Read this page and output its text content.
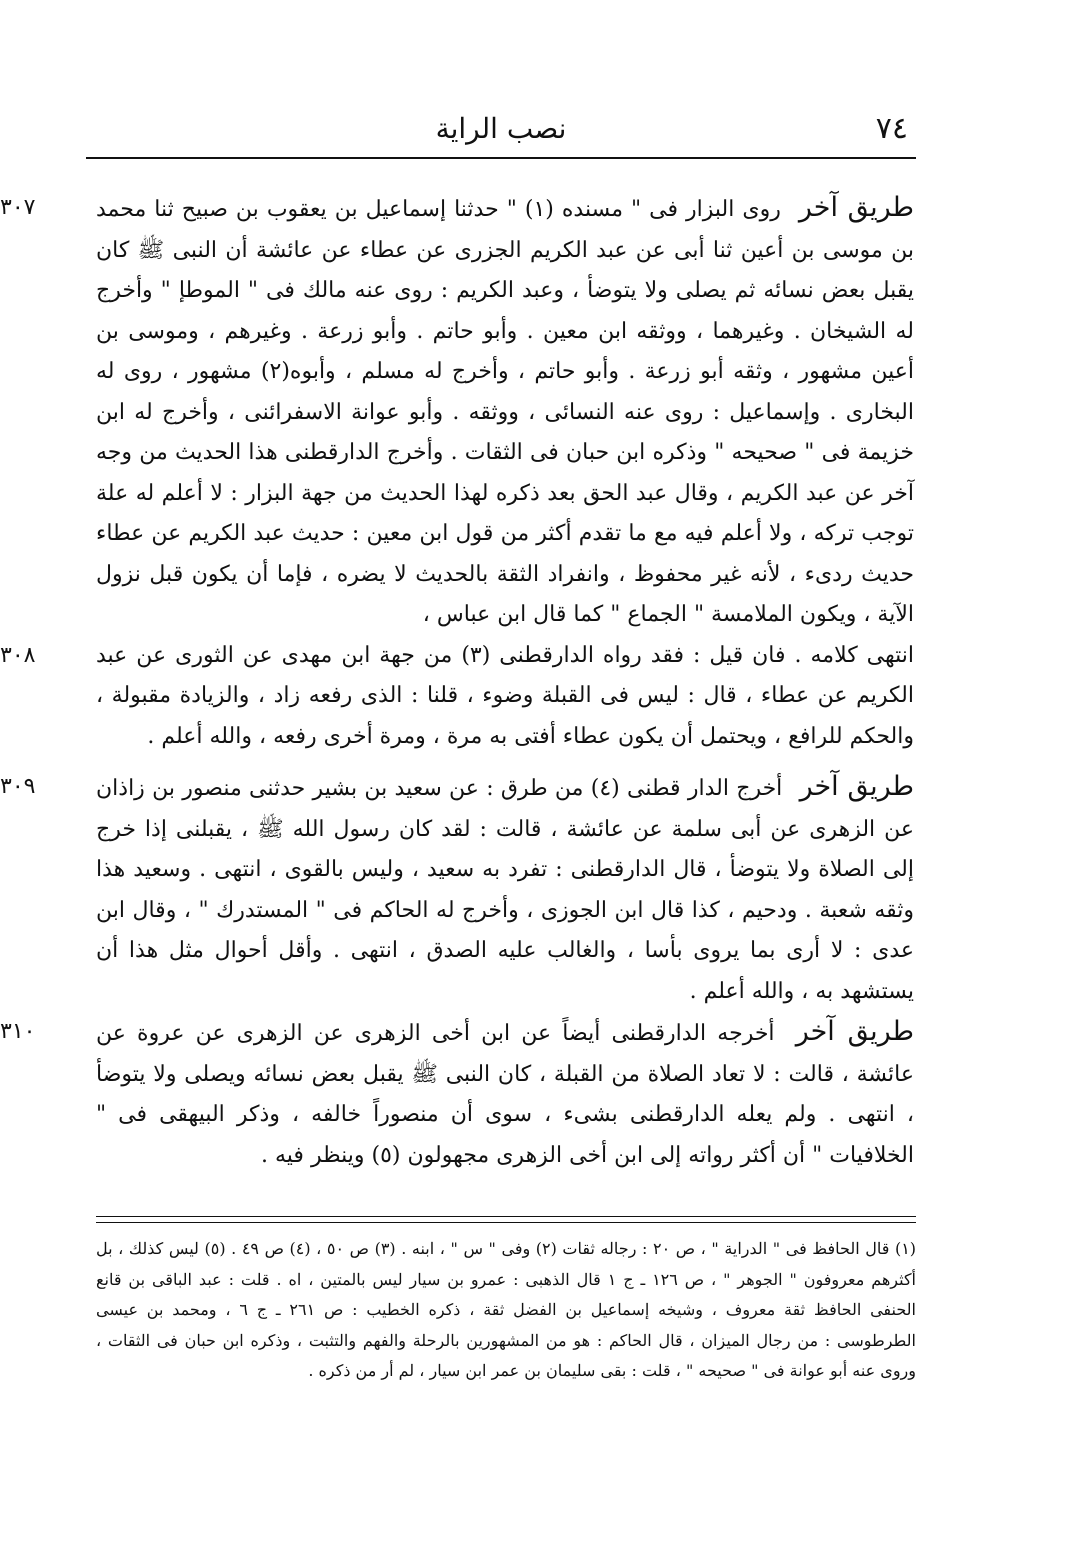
٧٤
نصب الراية

٣٠٧	طريق آخر روى البزار فى " مسنده (١) " حدثنا إسماعيل بن يعقوب بن صبيح ثنا محمد بن موسى بن أعين ثنا أبى عن عبد الكريم الجزرى عن عطاء عن عائشة أن النبى ﷺ كان يقبل بعض نسائه ثم يصلى ولا يتوضأ ، وعبد الكريم : روى عنه مالك فى " الموطإ " وأخرج له الشيخان . وغيرهما ، ووثقه ابن معين . وأبو حاتم . وأبو زرعة . وغيرهم ، وموسى بن أعين مشهور ، وثقه أبو زرعة . وأبو حاتم ، وأخرج له مسلم ، وأبوه(٢) مشهور ، روى له البخارى . وإسماعيل : روى عنه النسائى ، ووثقه . وأبو عوانة الاسفرائنى ، وأخرج له ابن خزيمة فى " صحيحه " وذكره ابن حبان فى الثقات . وأخرج الدارقطنى هذا الحديث من وجه آخر عن عبد الكريم ، وقال عبد الحق بعد ذكره لهذا الحديث من جهة البزار : لا أعلم له علة توجب تركه ، ولا أعلم فيه مع ما تقدم أكثر من قول ابن معين : حديث عبد الكريم عن عطاء حديث ردىء ، لأنه غير محفوظ ، وانفراد الثقة بالحديث لا يضره ، فإما أن يكون قبل نزول الآية ، ويكون الملامسة " الجماع " كما قال ابن عباس ،

٣٠٨	انتهى كلامه . فان قيل : فقد رواه الدارقطنى (٣) من جهة ابن مهدى عن الثورى عن عبد الكريم عن عطاء ، قال : ليس فى القبلة وضوء ، قلنا : الذى رفعه زاد ، والزيادة مقبولة ، والحكم للرافع ، ويحتمل أن يكون عطاء أفتى به مرة ، ومرة أخرى رفعه ، والله أعلم .

٣٠٩	طريق آخر أخرج الدار قطنى (٤) من طرق : عن سعيد بن بشير حدثنى منصور بن زاذان عن الزهرى عن أبى سلمة عن عائشة ، قالت : لقد كان رسول الله ﷺ ، يقبلنى إذا خرج إلى الصلاة ولا يتوضأ ، قال الدارقطنى : تفرد به سعيد ، وليس بالقوى ، انتهى . وسعيد هذا وثقه شعبة . ودحيم ، كذا قال ابن الجوزى ، وأخرج له الحاكم فى " المستدرك " ، وقال ابن عدى : لا أرى بما يروى بأسا ، والغالب عليه الصدق ، انتهى . وأقل أحوال مثل هذا أن يستشهد به ، والله أعلم .

٣١٠	طريق آخر أخرجه الدارقطنى أيضاً عن ابن أخى الزهرى عن الزهرى عن عروة عن عائشة ، قالت : لا تعاد الصلاة من القبلة ، كان النبى ﷺ يقبل بعض نسائه ويصلى ولا يتوضأ ، انتهى . ولم يعله الدارقطنى بشىء ، سوى أن منصوراً خالفه ، وذكر البيهقى فى " الخلافيات " أن أكثر رواته إلى ابن أخى الزهرى مجهولون (٥) وينظر فيه .

(١) قال الحافظ فى " الدراية " ، ص ٢٠ : رجاله ثقات (٢) وفى " س " ، ابنه . (٣) ص ٥٠ ، (٤) ص ٤٩ . (٥) ليس كذلك ، بل أكثرهم معروفون " الجوهر " ، ص ١٢٦ ـ ج ١ قال الذهبى : عمرو بن سيار ليس بالمتين ، اه . قلت : عبد الباقى بن قانع الحنفى الحافظ ثقة معروف ، وشيخه إسماعيل بن الفضل ثقة ، ذكره الخطيب : ص ٢٦١ ـ ج ٦ ، ومحمد بن عيسى الطرطوسى : من رجال الميزان ، قال الحاكم : هو من المشهورين بالرحلة والفهم والتثبت ، وذكره ابن حبان فى الثقات ، وروى عنه أبو عوانة فى " صحيحه " ، قلت : بقى سليمان بن عمر ابن سيار ، لم أر من ذكره .
